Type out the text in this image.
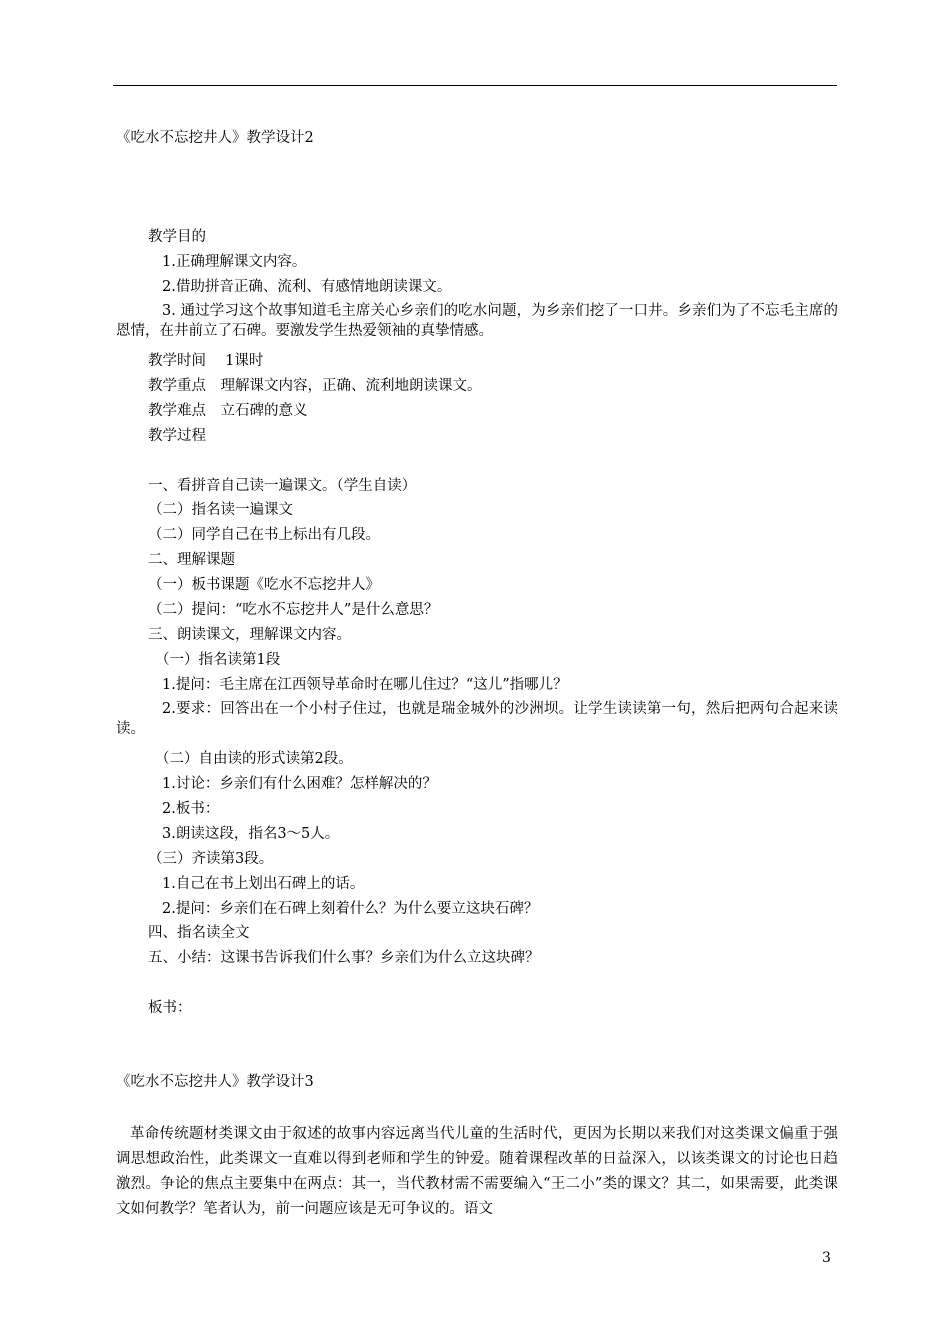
《吃水不忘挖井人》教学设计2
教学目的
1.正确理解课文内容。
2.借助拼音正确、流利、有感情地朗读课文。
3. 通过学习这个故事知道毛主席关心乡亲们的吃水问题，为乡亲们挖了一口井。乡亲们为了不忘毛主席的恩情，在井前立了石碑。要激发学生热爱领袖的真挚情感。
教学时间　 1课时
教学重点　理解课文内容，正确、流利地朗读课文。
教学难点　立石碑的意义
教学过程
一、看拼音自己读一遍课文。（学生自读）
（二）指名读一遍课文
（二）同学自己在书上标出有几段。
二、理解课题
（一）板书课题《吃水不忘挖井人》
（二）提问：“吃水不忘挖井人”是什么意思？
三、朗读课文，理解课文内容。
（一）指名读第1段
1.提问：毛主席在江西领导革命时在哪儿住过？“这儿”指哪儿？
2.要求：回答出在一个小村子住过，也就是瑞金城外的沙洲坝。让学生读读第一句，然后把两句合起来读读。
（二）自由读的形式读第2段。
1.讨论：乡亲们有什么困难？怎样解决的？
2.板书：
3.朗读这段，指名3～5人。
（三）齐读第3段。
1.自己在书上划出石碑上的话。
2.提问：乡亲们在石碑上刻着什么？为什么要立这块石碑？
四、指名读全文
五、小结：这课书告诉我们什么事？乡亲们为什么立这块碑？
板书：
《吃水不忘挖井人》教学设计3
革命传统题材类课文由于叙述的故事内容远离当代儿童的生活时代，更因为长期以来我们对这类课文偏重于强调思想政治性，此类课文一直难以得到老师和学生的钟爱。随着课程改革的日益深入，以该类课文的讨论也日趋激烈。争论的焦点主要集中在两点：其一，当代教材需不需要编入“王二小”类的课文？其二，如果需要，此类课文如何教学？笔者认为，前一问题应该是无可争议的。语文
3
